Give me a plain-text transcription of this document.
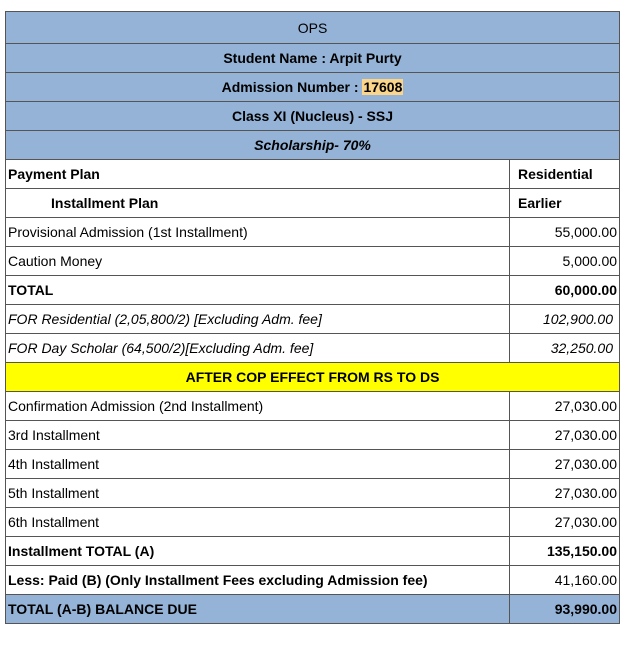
OPS	
Student Name : Arpit Purty	
Admission Number : 17608	
Class XI (Nucleus) - SSJ	
Scholarship- 70%	
Payment Plan	Residential
Installment Plan	Earlier
Provisional Admission (1st Installment)	55,000.00
Caution Money	5,000.00
TOTAL	60,000.00
FOR Residential (2,05,800/2) [Excluding Adm. fee]	102,900.00
FOR Day Scholar (64,500/2)[Excluding Adm. fee]	32,250.00
AFTER COP EFFECT FROM RS TO DS	
Confirmation Admission (2nd Installment)	27,030.00
3rd Installment	27,030.00
4th Installment	27,030.00
5th Installment	27,030.00
6th Installment	27,030.00
Installment TOTAL (A)	135,150.00
Less: Paid (B) (Only Installment Fees excluding Admission fee)	41,160.00
TOTAL (A-B) BALANCE DUE	93,990.00
